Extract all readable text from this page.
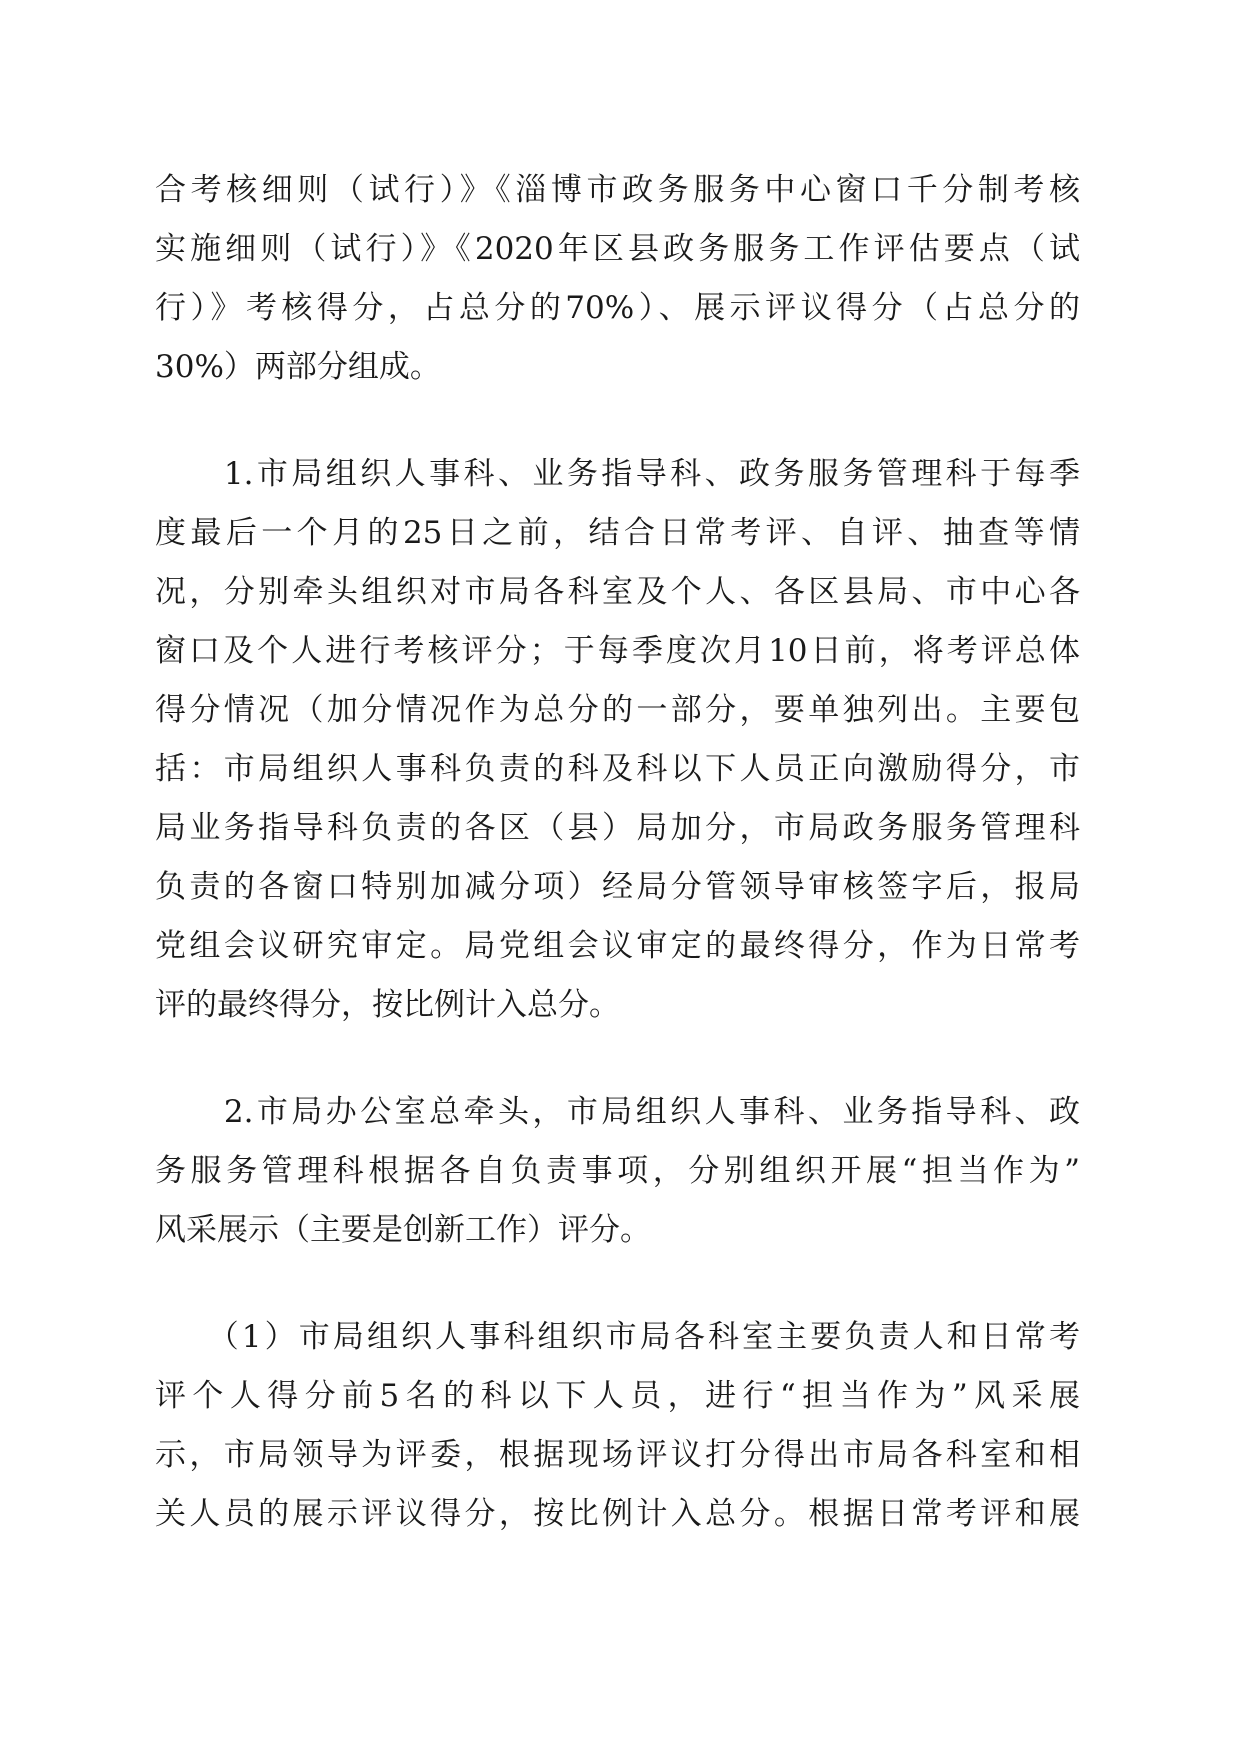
合考核细则（试行）》《淄博市政务服务中心窗口千分制考核
实施细则（试行）》《2020年区县政务服务工作评估要点（试
行）》考核得分，占总分的70%）、展示评议得分（占总分的
30%）两部分组成。
　　1.市局组织人事科、业务指导科、政务服务管理科于每季
度最后一个月的25日之前，结合日常考评、自评、抽查等情
况，分别牵头组织对市局各科室及个人、各区县局、市中心各
窗口及个人进行考核评分；于每季度次月10日前，将考评总体
得分情况（加分情况作为总分的一部分，要单独列出。主要包
括：市局组织人事科负责的科及科以下人员正向激励得分，市
局业务指导科负责的各区（县）局加分，市局政务服务管理科
负责的各窗口特别加减分项）经局分管领导审核签字后，报局
党组会议研究审定。局党组会议审定的最终得分，作为日常考
评的最终得分，按比例计入总分。
　　2.市局办公室总牵头，市局组织人事科、业务指导科、政
务服务管理科根据各自负责事项，分别组织开展“担当作为”
风采展示（主要是创新工作）评分。
　　（1）市局组织人事科组织市局各科室主要负责人和日常考
评个人得分前5名的科以下人员，进行“担当作为”风采展
示，市局领导为评委，根据现场评议打分得出市局各科室和相
关人员的展示评议得分，按比例计入总分。根据日常考评和展
